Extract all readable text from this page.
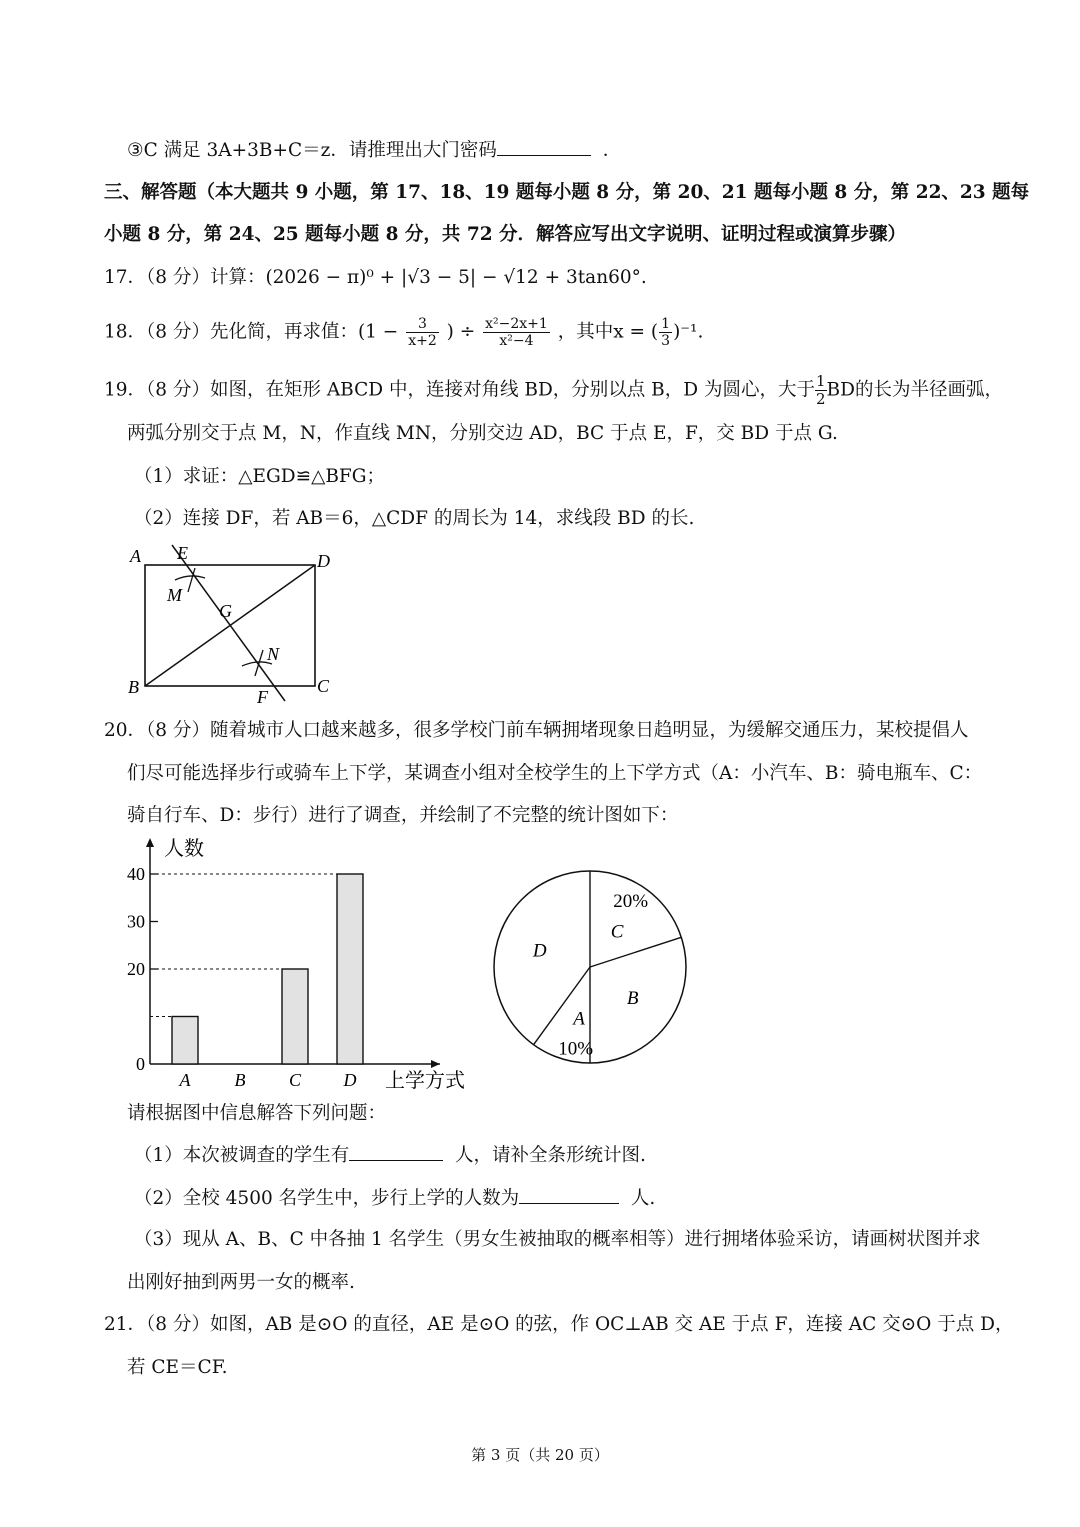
③C 满足 3A+3B+C＝z．请推理出大门密码	．
三、解答题（本大题共 9 小题，第 17、18、19 题每小题 8 分，第 20、21 题每小题 8 分，第 22、23 题每
小题 8 分，第 24、25 题每小题 8 分，共 72 分．解答应写出文字说明、证明过程或演算步骤）
17．（8 分）计算：(2026 − π)⁰ + |√3 − 5| − √12 + 3tan60°.
18．（8 分）先化简，再求值：($1 - \frac{3}{x+2}$ ) ÷ $\frac{\text{x²−2x+1}}{\text{x²−4}}$ ，其中x = ( $\frac{1}{3} )^{-1}$.
19．（8 分）如图，在矩形 ABCD 中，连接对角线 BD，分别以点 B，D 为圆心，大于 $\frac{1}{2}$ BD的长为半径画弧，
两弧分别交于点 M，N，作直线 MN，分别交边 AD，BC 于点 E，F，交 BD 于点 G.
（1）求证：△EGD≌△BFG；
（2）连接 DF，若 AB＝6，△CDF 的周长为 14，求线段 BD 的长.
A E	D
M
G
N
B	F
C
20．（8 分）随着城市人口越来越多，很多学校门前车辆拥堵现象日趋明显，为缓解交通压力，某校提倡人
们尽可能选择步行或骑车上下学，某调查小组对全校学生的上下学方式（A：小汽车、B：骑电瓶车、C：
骑自行车、D：步行）进行了调查，并绘制了不完整的统计图如下：
人数
上学方式
0
20
30
40
A B C D
20%
C
B
A
10%
D
请根据图中信息解答下列问题：
（1）本次被调查的学生有	人，请补全条形统计图.
（2）全校 4500 名学生中，步行上学的人数为	人.
（3）现从 A、B、C 中各抽 1 名学生（男女生被抽取的概率相等）进行拥堵体验采访，请画树状图并求
出刚好抽到两男一女的概率.
21．（8 分）如图，AB 是⊙O 的直径，AE 是⊙O 的弦，作 OC⊥AB 交 AE 于点 F，连接 AC 交⊙O 于点 D，
若 CE＝CF.
第 3 页（共 20 页）
